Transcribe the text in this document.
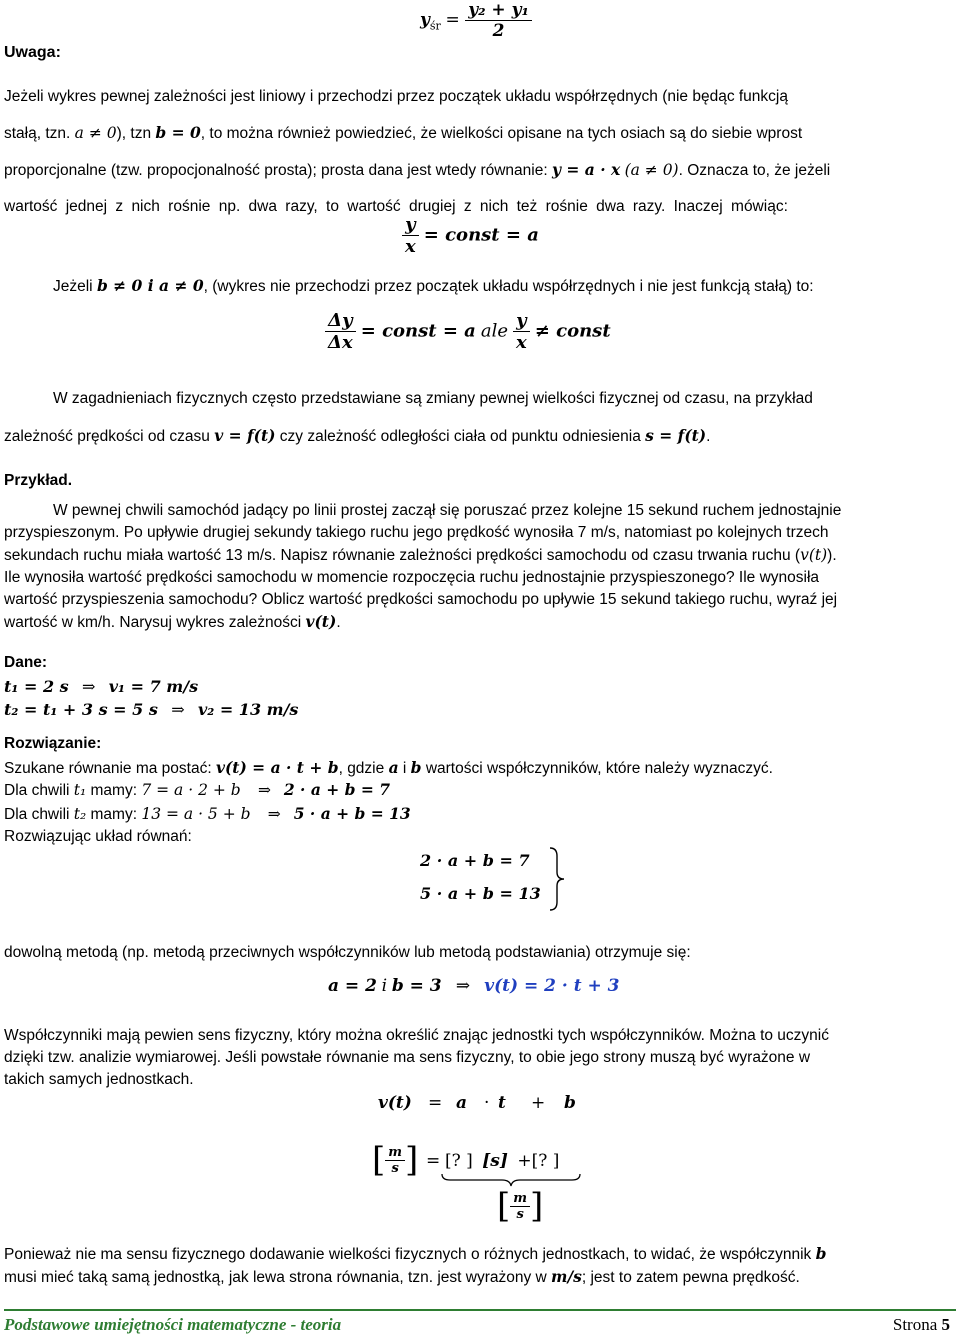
Uwaga:
$y_{śr} = \frac{\text{y₂ + y₁}}{2}$
Jeżeli wykres pewnej zależności jest liniowy i przechodzi przez początek układu współrzędnych (nie będąc funkcją
stałą, tzn. a ≠ 0), tzn b = 0, to można również powiedzieć, że wielkości opisane na tych osiach są do siebie wprost
proporcjonalne (tzw. propocjonalność prosta); prosta dana jest wtedy równanie: y = a · x (a ≠ 0). Oznacza to, że jeżeli
wartość jednej z nich rośnie np. dwa razy, to wartość drugiej z nich też rośnie dwa razy. Inaczej mówiąc:
$\frac{y}{x}$ = const = a
Jeżeli b ≠ 0 i a ≠ 0, (wykres nie przechodzi przez początek układu współrzędnych i nie jest funkcją stałą) to:
$\frac{\Delta y}{\Delta x}$ = const = a ale $\frac{y}{x}$ ≠ const
W zagadnieniach fizycznych często przedstawiane są zmiany pewnej wielkości fizycznej od czasu, na przykład
zależność prędkości od czasu v = f(t) czy zależność odległości ciała od punktu odniesienia s = f(t).
Przykład.
W pewnej chwili samochód jadący po linii prostej zaczął się poruszać przez kolejne 15 sekund ruchem jednostajnie
przyspieszonym. Po upływie drugiej sekundy takiego ruchu jego prędkość wynosiła 7 m/s, natomiast po kolejnych trzech
sekundach ruchu miała wartość 13 m/s. Napisz równanie zależności prędkości samochodu od czasu trwania ruchu (v(t)).
Ile wynosiła wartość prędkości samochodu w momencie rozpoczęcia ruchu jednostajnie przyspieszonego? Ile wynosiła
wartość przyspieszenia samochodu? Oblicz wartość prędkości samochodu po upływie 15 sekund takiego ruchu, wyraź jej
wartość w km/h. Narysuj wykres zależności v(t).
Dane:
t₁ = 2 s ⇒ v₁ = 7 m/s
t₂ = t₁ + 3 s = 5 s ⇒ v₂ = 13 m/s
Rozwiązanie:
Szukane równanie ma postać: v(t) = a · t + b, gdzie a i b wartości współczynników, które należy wyznaczyć.
Dla chwili t₁ mamy: 7 = a · 2 + b ⇒ 2 · a + b = 7
Dla chwili t₂ mamy: 13 = a · 5 + b ⇒ 5 · a + b = 13
Rozwiązując układ równań:
2 · a + b = 7
5 · a + b = 13
dowolną metodą (np. metodą przeciwnych współczynników lub metodą podstawiania) otrzymuje się:
a = 2 i b = 3 ⇒ v(t) = 2 · t + 3
Współczynniki mają pewien sens fizyczny, który można określić znając jednostki tych współczynników. Można to uczynić
dzięki tzw. analizie wymiarowej. Jeśli powstałe równanie ma sens fizyczny, to obie jego strony muszą być wyrażone w
takich samych jednostkach.
v(t) = a · t + b
[ $\frac{m}{s}$ ] = [? ] [s] +[? ]
[ $\frac{m}{s}$ ]
Ponieważ nie ma sensu fizycznego dodawanie wielkości fizycznych o różnych jednostkach, to widać, że współczynnik b
musi mieć taką samą jednostką, jak lewa strona równania, tzn. jest wyrażony w m/s; jest to zatem pewna prędkość.
Podstawowe umiejętności matematyczne - teoria	Strona 5
